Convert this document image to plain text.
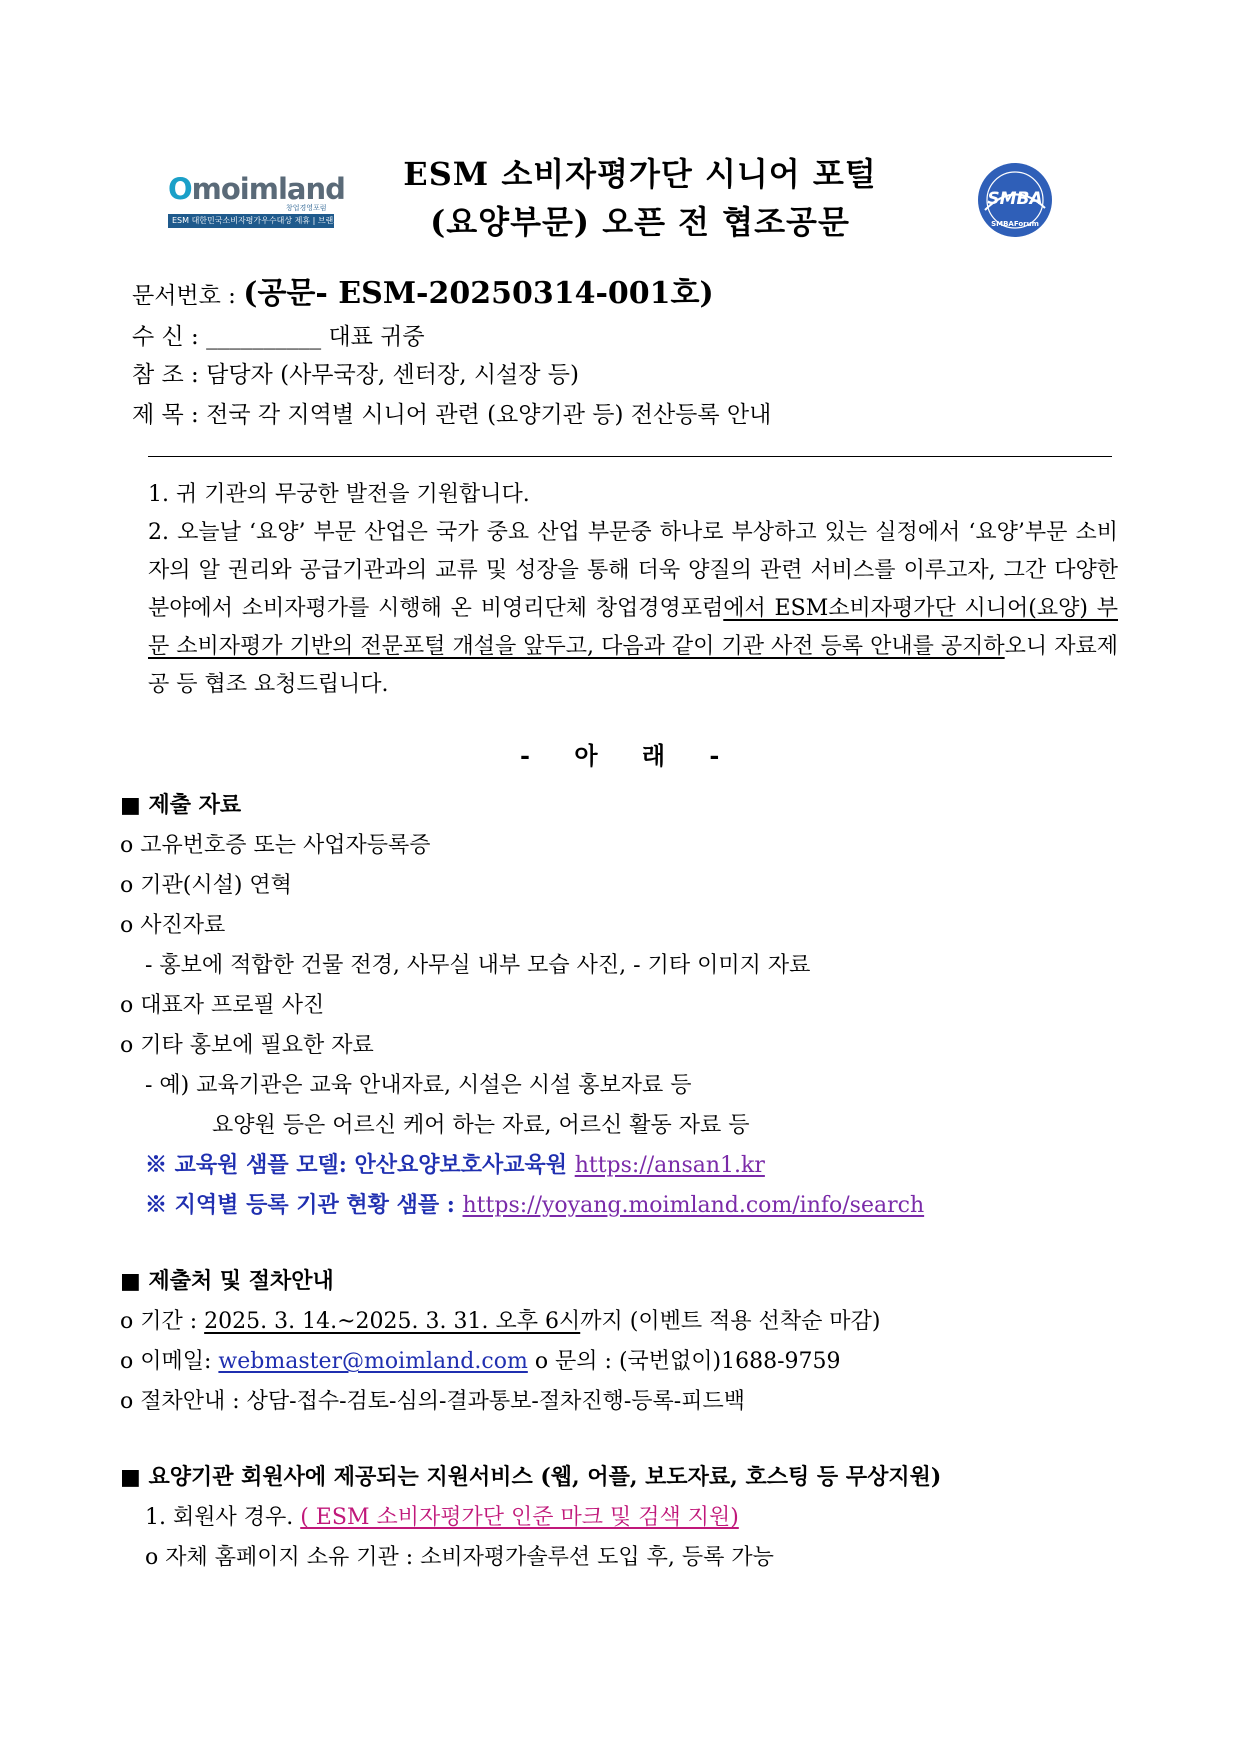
Omoimland
창업경영포럼
ESM 대한민국소비자평가우수대상 제휴 | 브랜드 | 전용
ESM 소비자평가단 시니어 포털
(요양부문) 오픈 전 협조공문
SMBA
SMBAForum
문서번호 : (공문- ESM-20250314-001호)
수 신 : __________ 대표 귀중
참 조 : 담당자 (사무국장, 센터장, 시설장 등)
제 목 : 전국 각 지역별 시니어 관련 (요양기관 등) 전산등록 안내
1. 귀 기관의 무궁한 발전을 기원합니다.
2. 오늘날 ‘요양’ 부문 산업은 국가 중요 산업 부문중 하나로 부상하고 있는 실정에서 ‘요양’부문 소비자의 알 권리와 공급기관과의 교류 및 성장을 통해 더욱 양질의 관련 서비스를 이루고자, 그간 다양한 분야에서 소비자평가를 시행해 온 비영리단체 창업경영포럼에서 ESM소비자평가단 시니어(요양) 부문 소비자평가 기반의 전문포털 개설을 앞두고, 다음과 같이 기관 사전 등록 안내를 공지하오니 자료제공 등 협조 요청드립니다.
- 아 래 -
■ 제출 자료
o 고유번호증 또는 사업자등록증
o 기관(시설) 연혁
o 사진자료
- 홍보에 적합한 건물 전경, 사무실 내부 모습 사진, - 기타 이미지 자료
o 대표자 프로필 사진
o 기타 홍보에 필요한 자료
- 예) 교육기관은 교육 안내자료, 시설은 시설 홍보자료 등
요양원 등은 어르신 케어 하는 자료, 어르신 활동 자료 등
※ 교육원 샘플 모델: 안산요양보호사교육원 https://ansan1.kr
※ 지역별 등록 기관 현황 샘플 : https://yoyang.moimland.com/info/search
■ 제출처 및 절차안내
o 기간 : 2025. 3. 14.~2025. 3. 31. 오후 6시까지 (이벤트 적용 선착순 마감)
o 이메일: webmaster@moimland.com o 문의 : (국번없이)1688-9759
o 절차안내 : 상담-접수-검토-심의-결과통보-절차진행-등록-피드백
■ 요양기관 회원사에 제공되는 지원서비스 (웹, 어플, 보도자료, 호스팅 등 무상지원)
1. 회원사 경우. ( ESM 소비자평가단 인준 마크 및 검색 지원)
o 자체 홈페이지 소유 기관 : 소비자평가솔루션 도입 후, 등록 가능
